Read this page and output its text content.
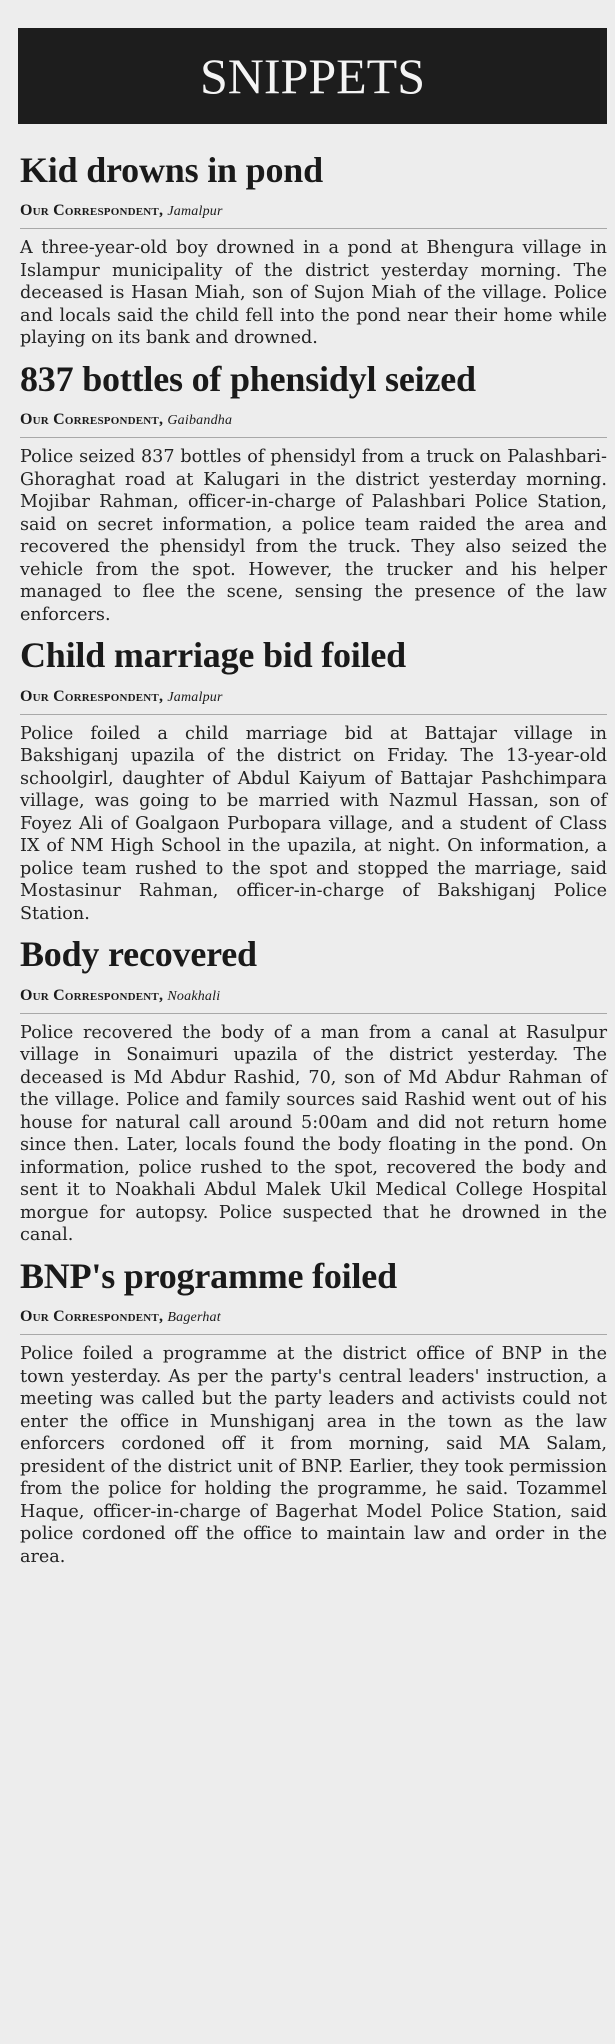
SNIPPETS
Kid drowns in pond
Our Correspondent, Jamalpur

A three-year-old boy drowned in a pond at Bhengura village in Islampur municipality of the district yesterday morning. The deceased is Hasan Miah, son of Sujon Miah of the village. Police and locals said the child fell into the pond near their home while playing on its bank and drowned.

837 bottles of phensidyl seized
Our Correspondent, Gaibandha

Police seized 837 bottles of phensidyl from a truck on Palashbari-Ghoraghat road at Kalugari in the district yesterday morning. Mojibar Rahman, officer-in-charge of Palashbari Police Station, said on secret information, a police team raided the area and recovered the phensidyl from the truck. They also seized the vehicle from the spot. However, the trucker and his helper managed to flee the scene, sensing the presence of the law enforcers.

Child marriage bid foiled
Our Correspondent, Jamalpur

Police foiled a child marriage bid at Battajar village in Bakshiganj upazila of the district on Friday. The 13-year-old schoolgirl, daughter of Abdul Kaiyum of Battajar Pashchimpara village, was going to be married with Nazmul Hassan, son of Foyez Ali of Goalgaon Purbopara village, and a student of Class IX of NM High School in the upazila, at night. On information, a police team rushed to the spot and stopped the marriage, said Mostasinur Rahman, officer-in-charge of Bakshiganj Police Station.

Body recovered
Our Correspondent, Noakhali

Police recovered the body of a man from a canal at Rasulpur village in Sonaimuri upazila of the district yesterday. The deceased is Md Abdur Rashid, 70, son of Md Abdur Rahman of the village. Police and family sources said Rashid went out of his house for natural call around 5:00am and did not return home since then. Later, locals found the body floating in the pond. On information, police rushed to the spot, recovered the body and sent it to Noakhali Abdul Malek Ukil Medical College Hospital morgue for autopsy. Police suspected that he drowned in the canal.

BNP's programme foiled
Our Correspondent, Bagerhat

Police foiled a programme at the district office of BNP in the town yesterday. As per the party's central leaders' instruction, a meeting was called but the party leaders and activists could not enter the office in Munshiganj area in the town as the law enforcers cordoned off it from morning, said MA Salam, president of the district unit of BNP. Earlier, they took permission from the police for holding the programme, he said. Tozammel Haque, officer-in-charge of Bagerhat Model Police Station, said police cordoned off the office to maintain law and order in the area.
